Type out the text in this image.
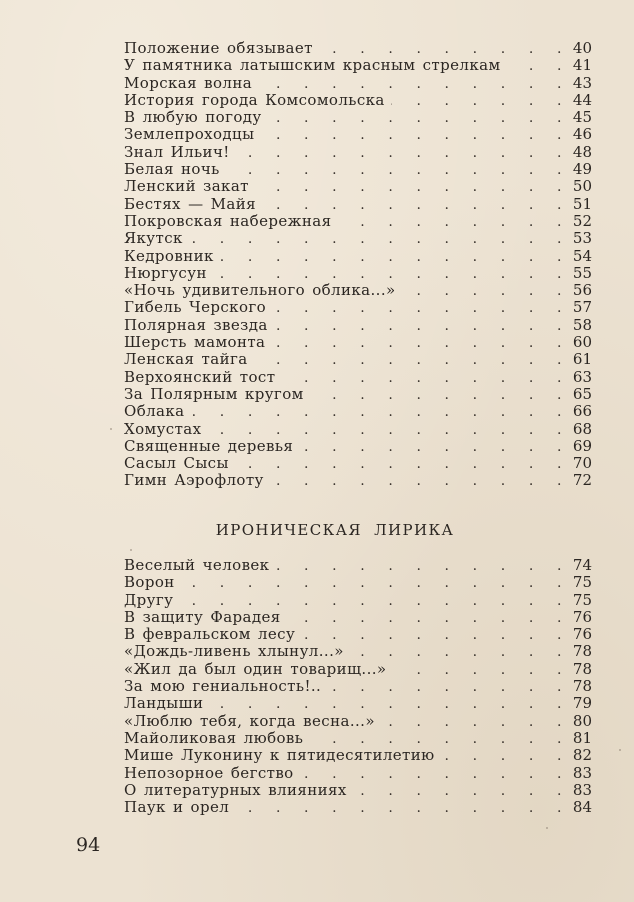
Положение обязывает . . .	40
У памятника латышским красным стрелкам . . .	41
Морская волна . . .	43
История города Комсомольска . . .	44
В любую погоду . . .	45
Землепроходцы . . .	46
Знал Ильич! . . .	48
Белая ночь . . .	49
Ленский закат . . .	50
Бестях — Майя . . .	51
Покровская набережная . . .	52
Якутск . . .	53
Кедровник . . .	54
Нюргусун . . .	55
«Ночь удивительного облика...» . . .	56
Гибель Черского . . .	57
Полярная звезда . . .	58
Шерсть мамонта . . .	60
Ленская тайга . . .	61
Верхоянский тост . . .	63
За Полярным кругом . . .	65
Облака . . .	66
Хомустах . . .	68
Священные деревья . . .	69
Сасыл Сысы . . .	70
Гимн Аэрофлоту . . .	72
ИРОНИЧЕСКАЯ ЛИРИКА
Веселый человек . . .	74
Ворон . . .	75
Другу . . .	75
В защиту Фарадея . . .	76
В февральском лесу . . .	76
«Дождь-ливень хлынул...» . . .	78
«Жил да был один товарищ...» . . .	78
За мою гениальность!.. . . .	78
Ландыши . . .	79
«Люблю тебя, когда весна...» . . .	80
Майоликовая любовь . . .	81
Мише Луконину к пятидесятилетию . . .	82
Непозорное бегство . . .	83
О литературных влияниях . . .	83
Паук и орел . . .	84
94
